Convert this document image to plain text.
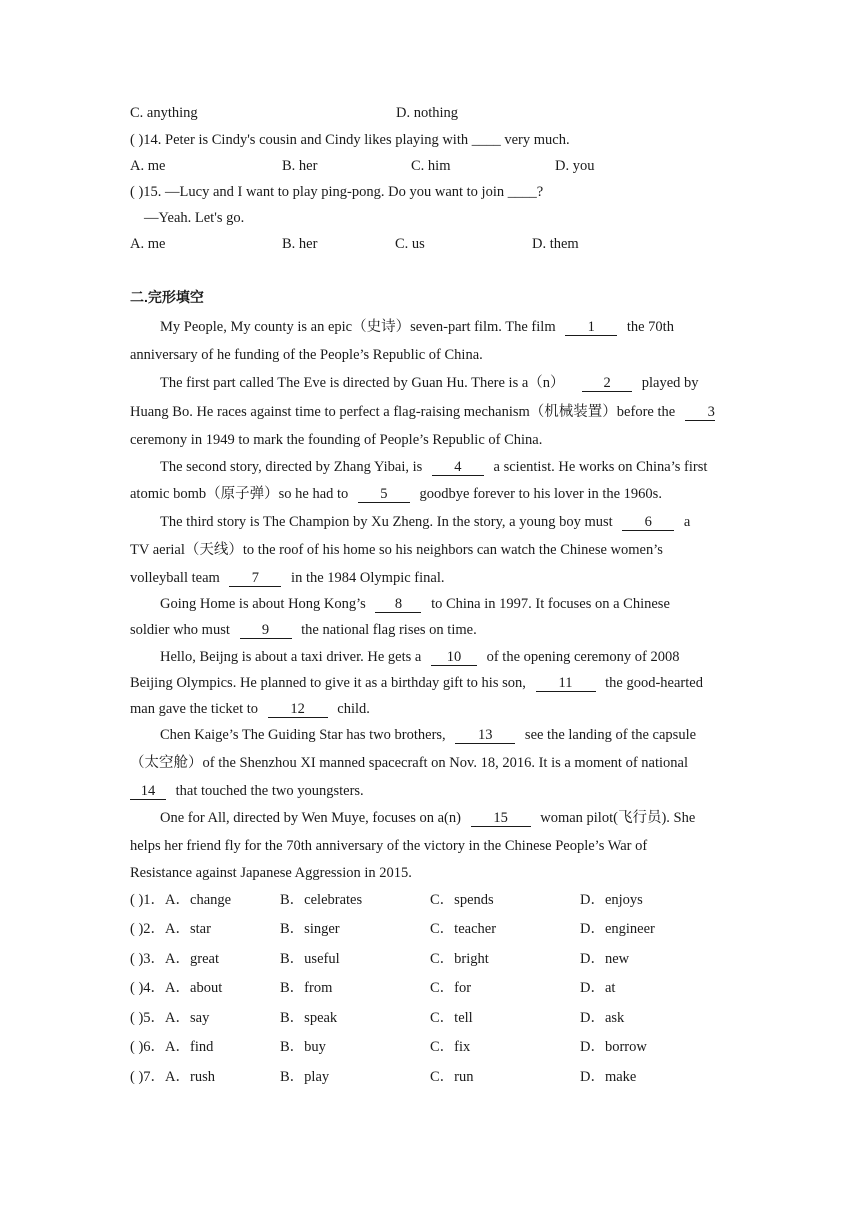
C. anything	D. nothing
( )14. Peter is Cindy's cousin and Cindy likes playing with ____ very much.
A. me	B. her	C. him	D. you
( )15. —Lucy and I want to play ping-pong. Do you want to join ____?
—Yeah. Let's go.
A. me	B. her	C. us	D. them
二.完形填空
My People, My county is an epic（史诗）seven-part film. The film 1 the 70th
anniversary of he funding of the People’s Republic of China.
The first part called The Eve is directed by Guan Hu. There is a（n）	2 played by
Huang Bo. He races against time to perfect a flag-raising mechanism（机械装置）before the 3
ceremony in 1949 to mark the founding of People’s Republic of China.
The second story, directed by Zhang Yibai, is 4 a scientist. He works on China’s first
atomic bomb（原子弹）so he had to 5 goodbye forever to his lover in the 1960s.
The third story is The Champion by Xu Zheng. In the story, a young boy must 6 a
TV aerial（天线）to the roof of his home so his neighbors can watch the Chinese women’s
volleyball team 7 in the 1984 Olympic final.
Going Home is about Hong Kong’s 8 to China in 1997. It focuses on a Chinese
soldier who must 9 the national flag rises on time.
Hello, Beijng is about a taxi driver. He gets a 10 of the opening ceremony of 2008
Beijing Olympics. He planned to give it as a birthday gift to his son, 11 the good-hearted
man gave the ticket to 12 child.
Chen Kaige’s The Guiding Star has two brothers, 13 see the landing of the capsule
（太空舱）of the Shenzhou XI manned spacecraft on Nov. 18, 2016. It is a moment of national
14 that touched the two youngsters.
One for All, directed by Wen Muye, focuses on a(n) 15 woman pilot(飞行员). She
helps her friend fly for the 70th anniversary of the victory in the Chinese People’s War of
Resistance against Japanese Aggression in 2015.
( )1．A．change	B．celebrates	C．spends	D．enjoys
( )2．A．star	B．singer	C．teacher	D．engineer
( )3．A．great	B．useful	C．bright	D．new
( )4．A．about	B．from	C．for	D．at
( )5．A．say	B．speak	C．tell	D．ask
( )6．A．find	B．buy	C．fix	D．borrow
( )7．A．rush	B．play	C．run	D．make
